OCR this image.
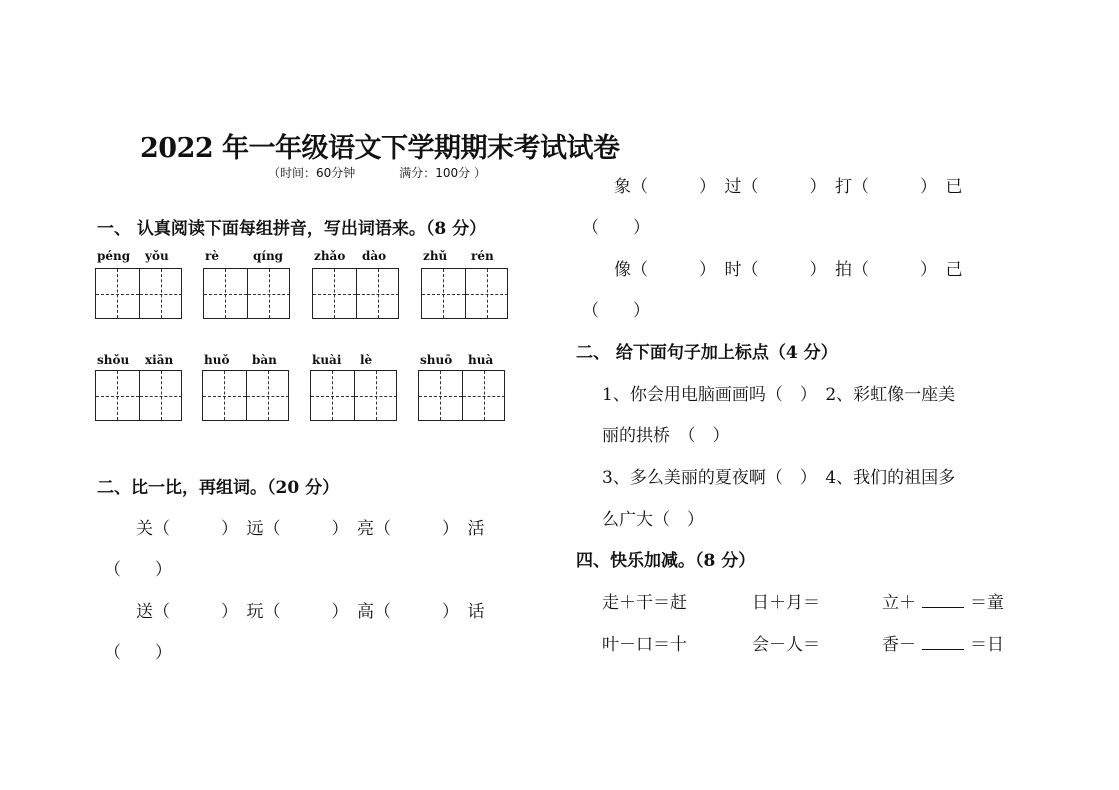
2022 年一年级语文下学期期末考试试卷
（时间：60分钟	满分：100分 ）
一、 认真阅读下面每组拼音，写出词语来。（8 分）
péng yǒu	rè	qíng	zhǎo dào	zhǔ rén
shǒu xiān	huǒ bàn	kuài lè	shuō huà
二、比一比，再组词。（20 分）
关（　　　）　远（　　　）　亮（　　　）　活
（　　）
送（　　　）　玩（　　　）　高（　　　）　话
（　　）
象（　　　）　过（　　　）　打（　　　）　已
（　　）
像（　　　）　时（　　　）　拍（　　　）　己
（　　）
二、 给下面句子加上标点（4 分）
1、你会用电脑画画吗（　）　2、彩虹像一座美
丽的拱桥　（　）
3、多么美丽的夏夜啊（　）　4、我们的祖国多
么广大（　）
四、快乐加减。（8 分）
走＋干＝赶	日＋月＝	立＋	＝童
叶－口＝十	会－人＝	香－	＝日
